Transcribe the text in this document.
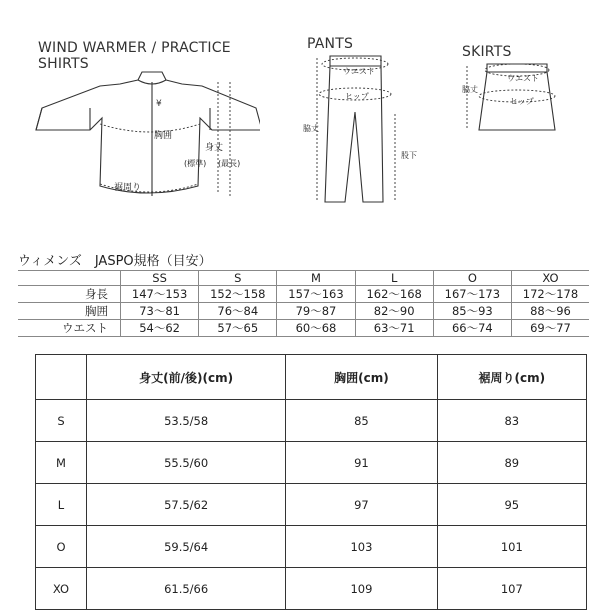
WIND WARMER / PRACTICE
SHIRTS
¥
胸囲
身丈
(標準) (最長)
裾周り
PANTS
ウエスト
ヒップ
脇丈
股下
SKIRTS
ウエスト
ヒップ
脇丈
ウィメンズ　JASPO規格（目安）
	SS	S	M	L	O	XO
身長	147～153	152～158	157～163	162～168	167～173	172～178
胸囲	73～81	76～84	79～87	82～90	85～93	88～96
ウエスト	54～62	57～65	60～68	63～71	66～74	69～77
	身丈(前/後)(cm)	胸囲(cm)	裾周り(cm)
S	53.5/58	85	83
M	55.5/60	91	89
L	57.5/62	97	95
O	59.5/64	103	101
XO	61.5/66	109	107
